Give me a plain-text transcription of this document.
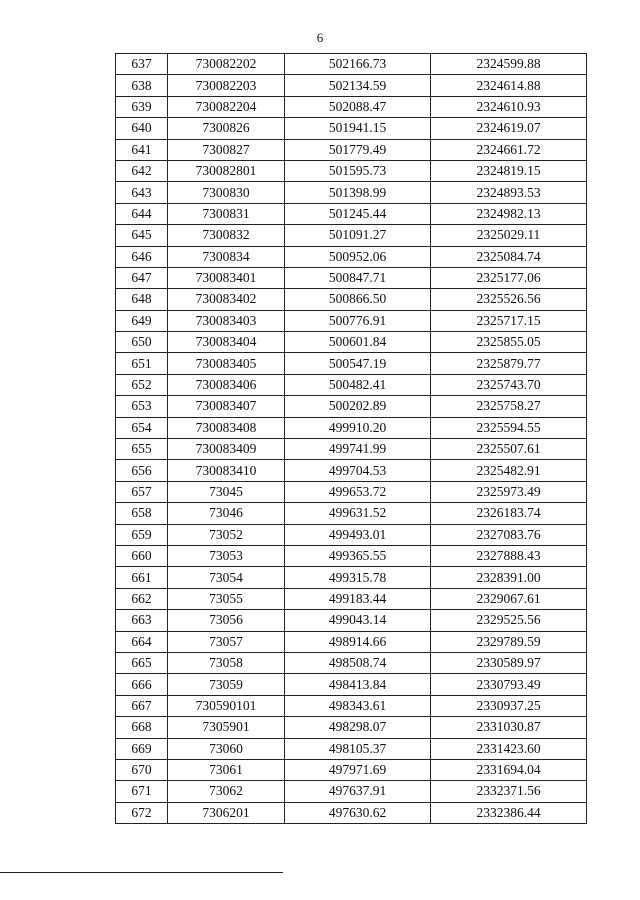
6
637	730082202	502166.73	2324599.88
638	730082203	502134.59	2324614.88
639	730082204	502088.47	2324610.93
640	7300826	501941.15	2324619.07
641	7300827	501779.49	2324661.72
642	730082801	501595.73	2324819.15
643	7300830	501398.99	2324893.53
644	7300831	501245.44	2324982.13
645	7300832	501091.27	2325029.11
646	7300834	500952.06	2325084.74
647	730083401	500847.71	2325177.06
648	730083402	500866.50	2325526.56
649	730083403	500776.91	2325717.15
650	730083404	500601.84	2325855.05
651	730083405	500547.19	2325879.77
652	730083406	500482.41	2325743.70
653	730083407	500202.89	2325758.27
654	730083408	499910.20	2325594.55
655	730083409	499741.99	2325507.61
656	730083410	499704.53	2325482.91
657	73045	499653.72	2325973.49
658	73046	499631.52	2326183.74
659	73052	499493.01	2327083.76
660	73053	499365.55	2327888.43
661	73054	499315.78	2328391.00
662	73055	499183.44	2329067.61
663	73056	499043.14	2329525.56
664	73057	498914.66	2329789.59
665	73058	498508.74	2330589.97
666	73059	498413.84	2330793.49
667	730590101	498343.61	2330937.25
668	7305901	498298.07	2331030.87
669	73060	498105.37	2331423.60
670	73061	497971.69	2331694.04
671	73062	497637.91	2332371.56
672	7306201	497630.62	2332386.44
